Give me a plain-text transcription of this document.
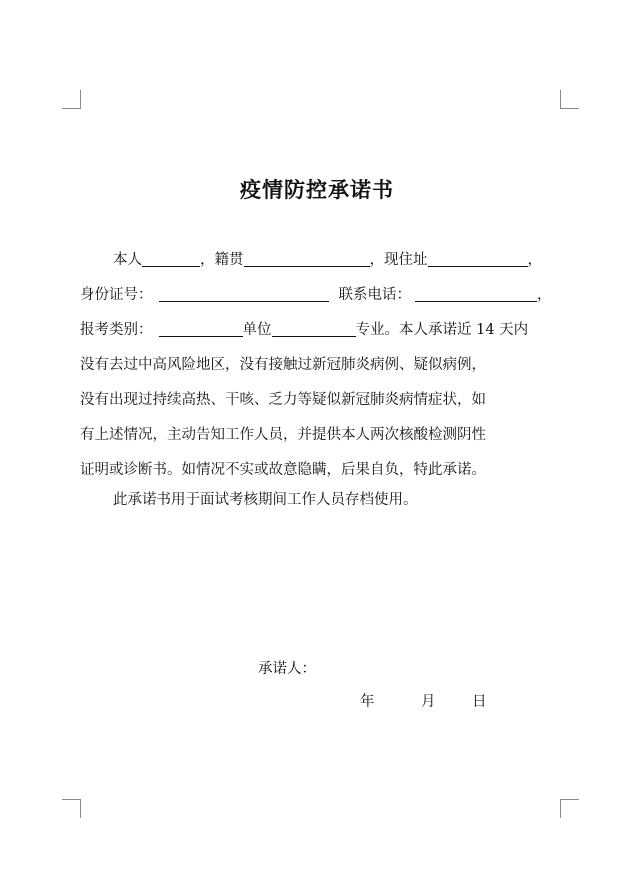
疫情防控承诺书
本人	，籍贯	，现住址	，
身份证号：	联系电话：	，
报考类别：	单位	专业。本人承诺近 14 天内
没有去过中高风险地区，没有接触过新冠肺炎病例、疑似病例，
没有出现过持续高热、干咳、乏力等疑似新冠肺炎病情症状，如
有上述情况，主动告知工作人员，并提供本人两次核酸检测阴性
证明或诊断书。如情况不实或故意隐瞒，后果自负，特此承诺。
此承诺书用于面试考核期间工作人员存档使用。
承诺人：
年	月	日
